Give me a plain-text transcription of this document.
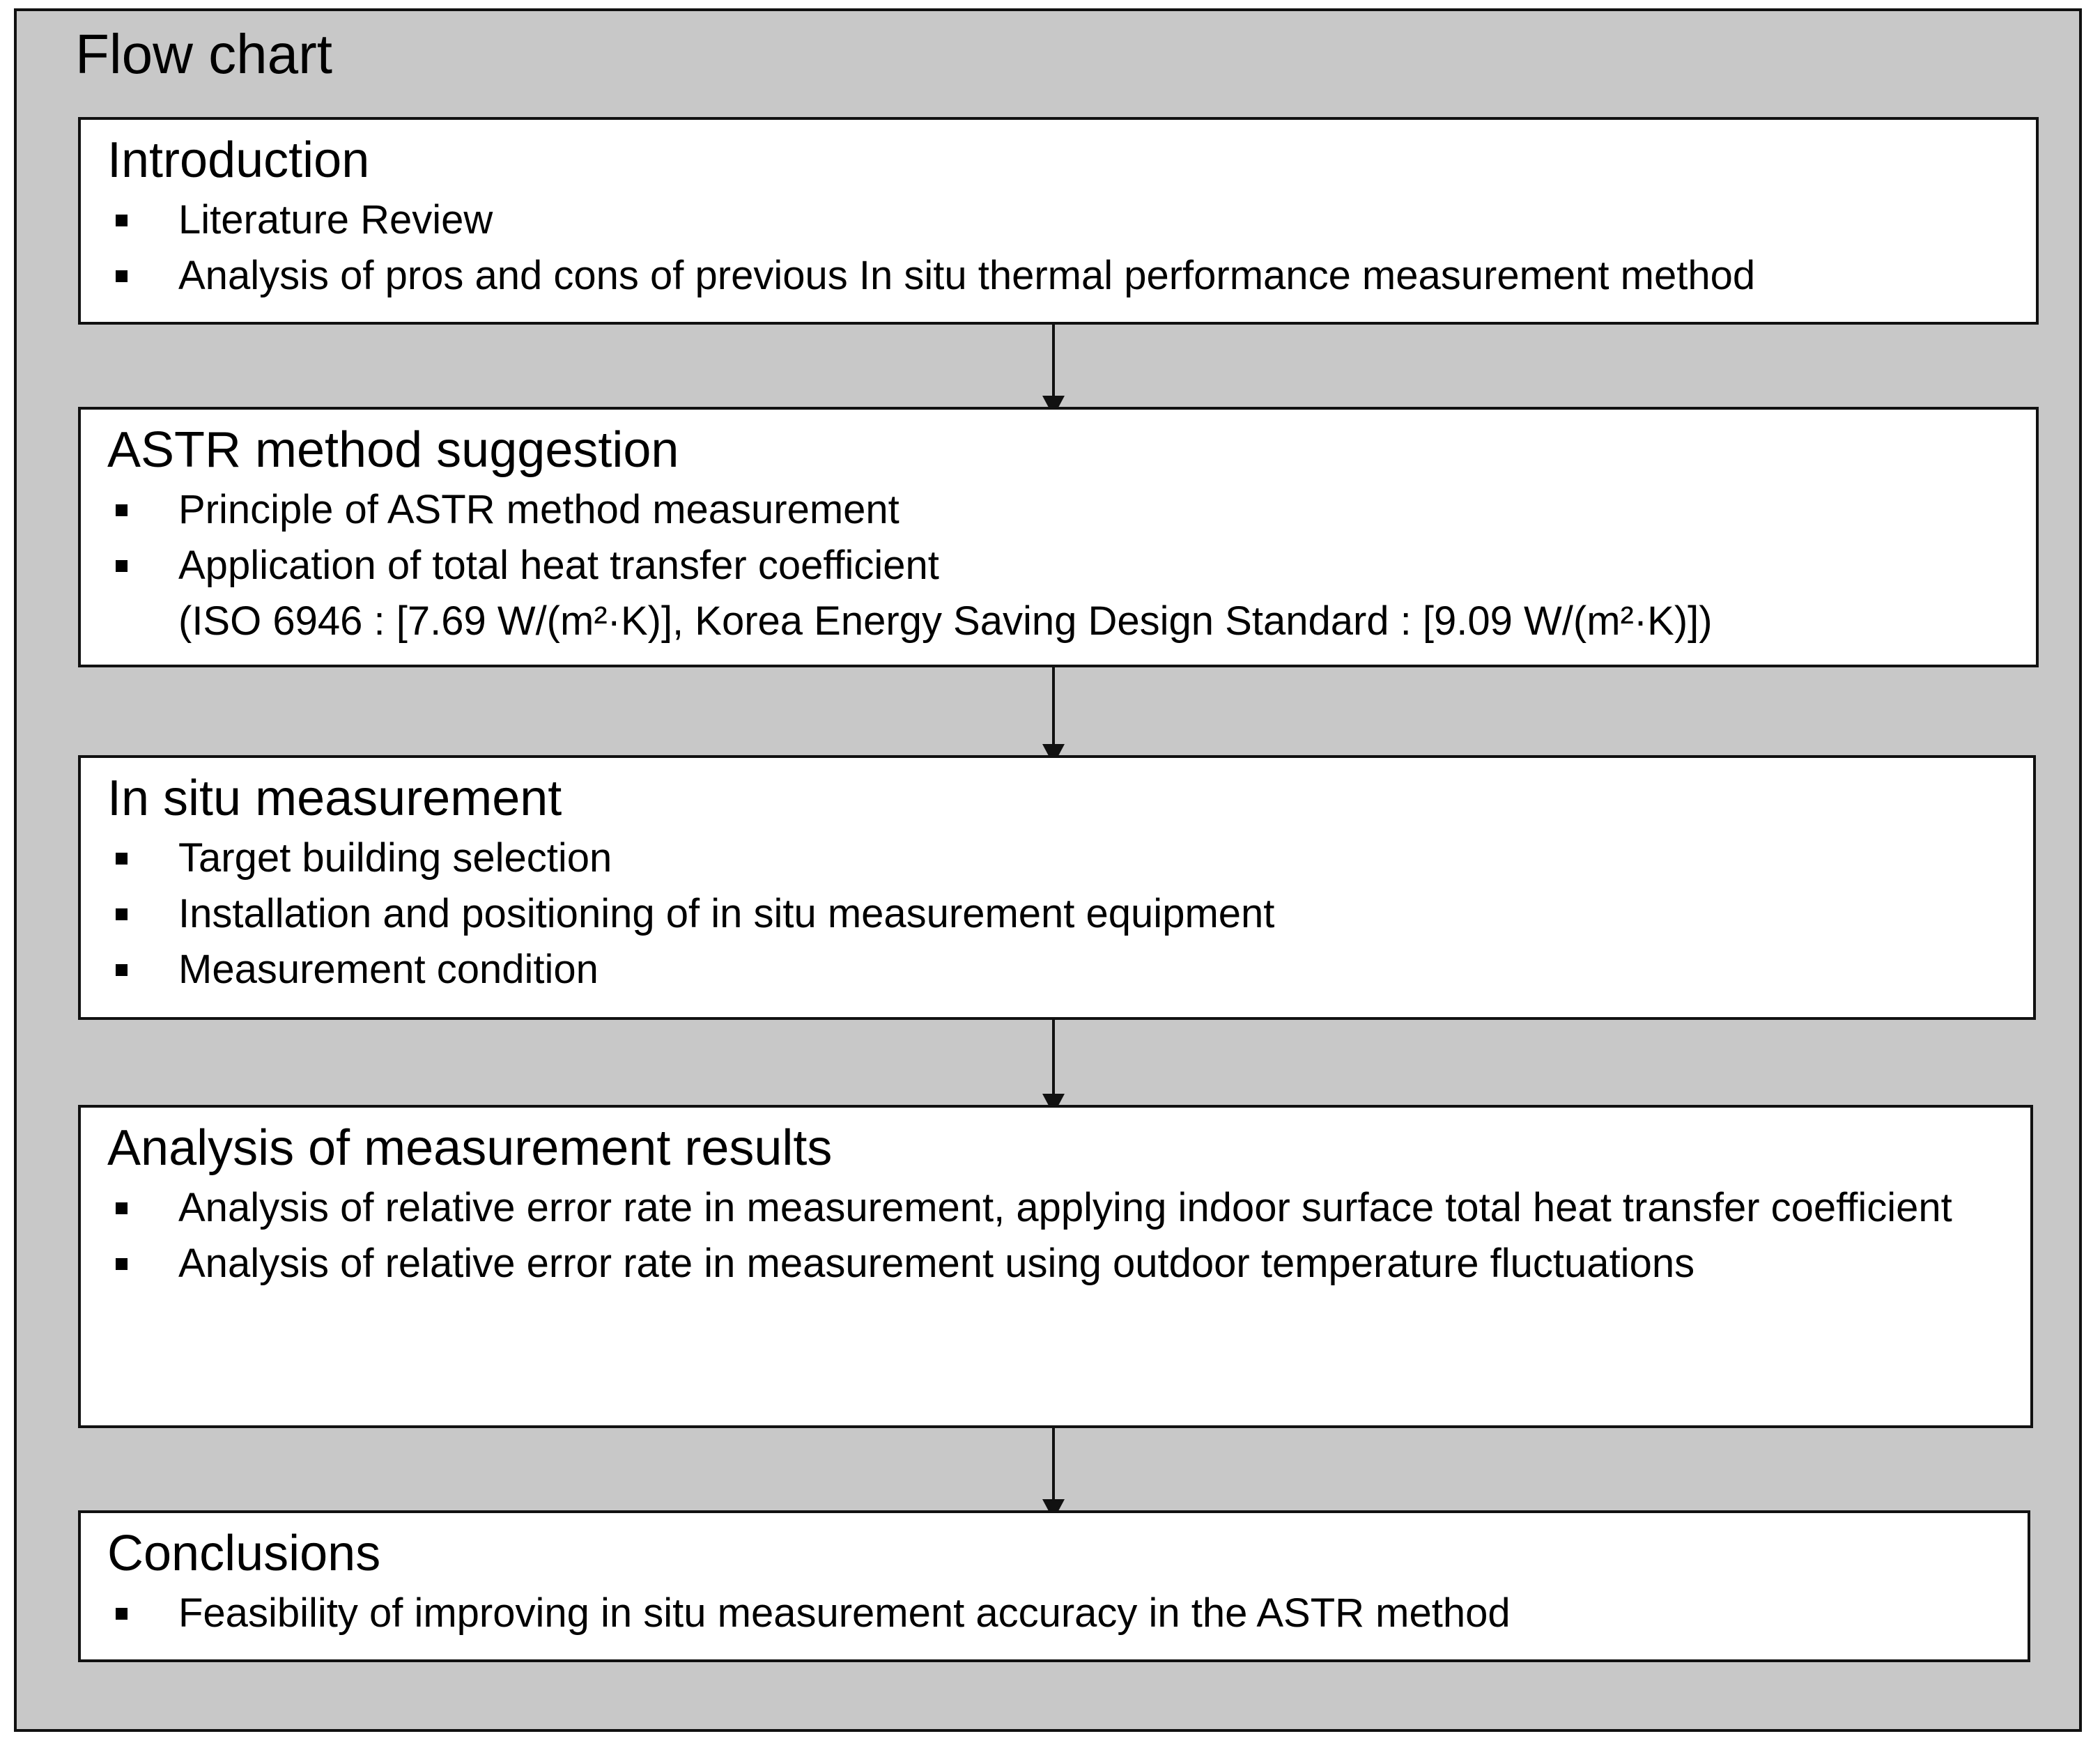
Flow chart
Introduction
Literature Review
Analysis of pros and cons of previous In situ thermal performance measurement method
ASTR method suggestion
Principle of ASTR method measurement
Application of total heat transfer coefficient
(ISO 6946 : [7.69 W/(m²·K)], Korea Energy Saving Design Standard : [9.09 W/(m²·K)])
In situ measurement
Target building selection
Installation and positioning of in situ measurement equipment
Measurement condition
Analysis of measurement results
Analysis of relative error rate in measurement, applying indoor surface total heat transfer coefficient
Analysis of relative error rate in measurement using outdoor temperature fluctuations
Conclusions
Feasibility of improving in situ measurement accuracy in the ASTR method
